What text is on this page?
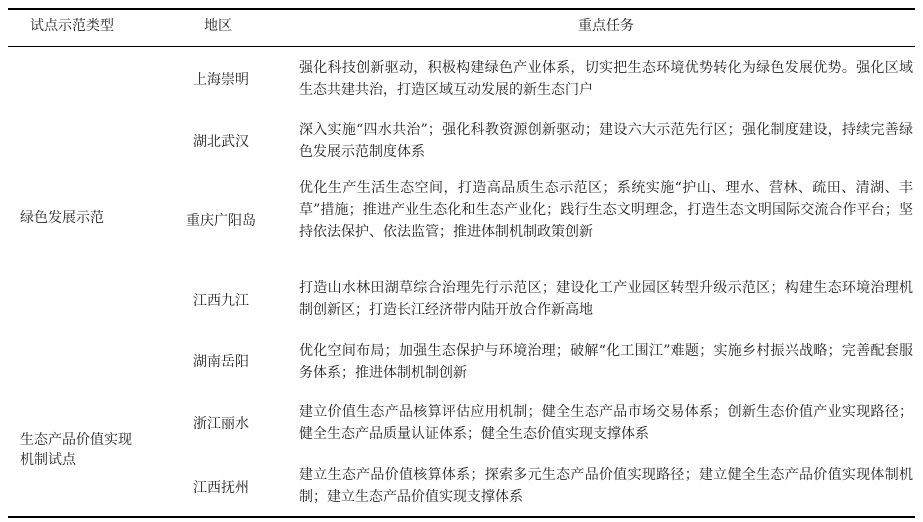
试点示范类型	地区	重点任务
绿色发展示范
生态产品价值实现机制试点
上海崇明
湖北武汉
重庆广阳岛
江西九江
湖南岳阳
浙江丽水
江西抚州
强化科技创新驱动，积极构建绿色产业体系，切实把生态环境优势转化为绿色发展优势。强化区域生态共建共治，打造区域互动发展的新生态门户
深入实施“四水共治”；强化科教资源创新驱动；建设六大示范先行区；强化制度建设，持续完善绿色发展示范制度体系
优化生产生活生态空间，打造高品质生态示范区；系统实施“护山、理水、营林、疏田、清湖、丰草”措施；推进产业生态化和生态产业化；践行生态文明理念，打造生态文明国际交流合作平台；坚持依法保护、依法监管；推进体制机制政策创新
打造山水林田湖草综合治理先行示范区；建设化工产业园区转型升级示范区；构建生态环境治理机制创新区；打造长江经济带内陆开放合作新高地
优化空间布局；加强生态保护与环境治理；破解“化工围江”难题；实施乡村振兴战略；完善配套服务体系；推进体制机制创新
建立价值生态产品核算评估应用机制；健全生态产品市场交易体系；创新生态价值产业实现路径；健全生态产品质量认证体系；健全生态价值实现支撑体系
建立生态产品价值核算体系；探索多元生态产品价值实现路径；建立健全生态产品价值实现体制机制；建立生态产品价值实现支撑体系
